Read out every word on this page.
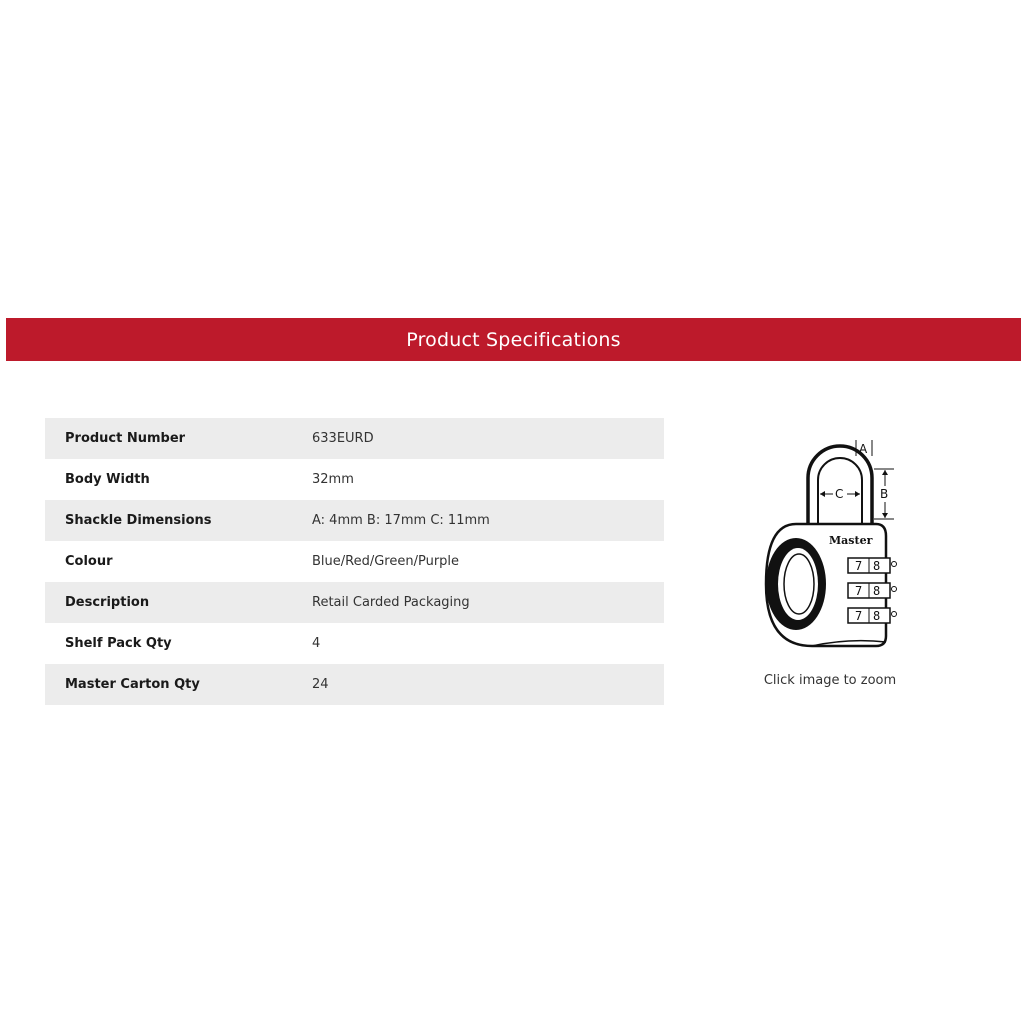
Product Specifications
Product Number	633EURD
Body Width	32mm
Shackle Dimensions	A: 4mm B: 17mm C: 11mm
Colour	Blue/Red/Green/Purple
Description	Retail Carded Packaging
Shelf Pack Qty	4
Master Carton Qty	24
A
B
C
Master
7 8
7 8
7 8
Click image to zoom
